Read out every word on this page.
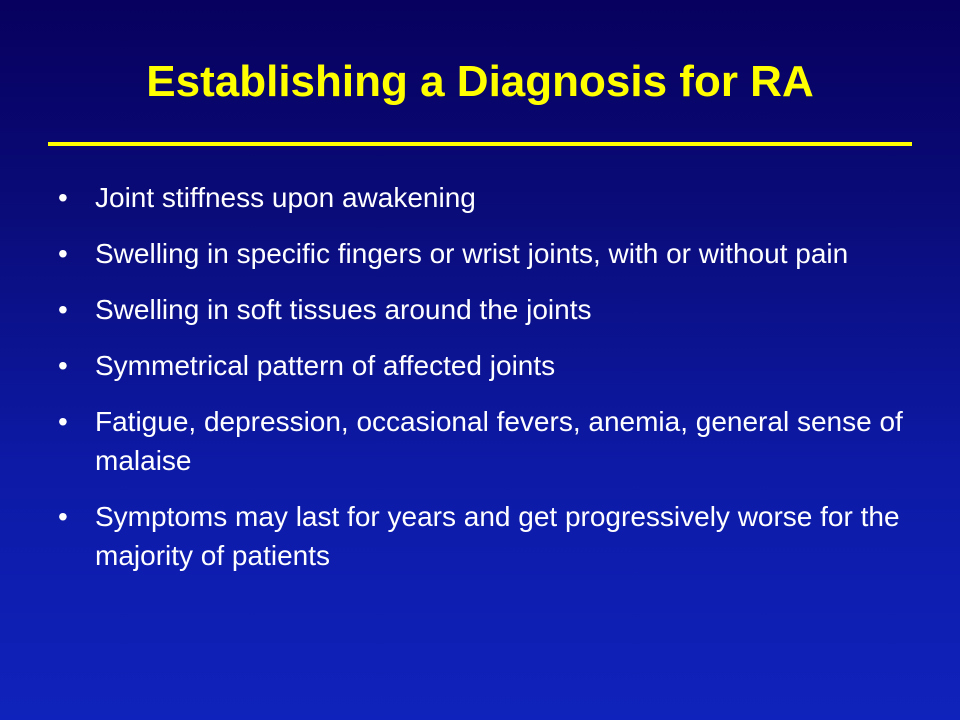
Establishing a Diagnosis for RA
• Joint stiffness upon awakening
• Swelling in specific fingers or wrist joints, with or without pain
• Swelling in soft tissues around the joints
• Symmetrical pattern of affected joints
• Fatigue, depression, occasional fevers, anemia, general sense of malaise
• Symptoms may last for years and get progressively worse for the majority of patients
